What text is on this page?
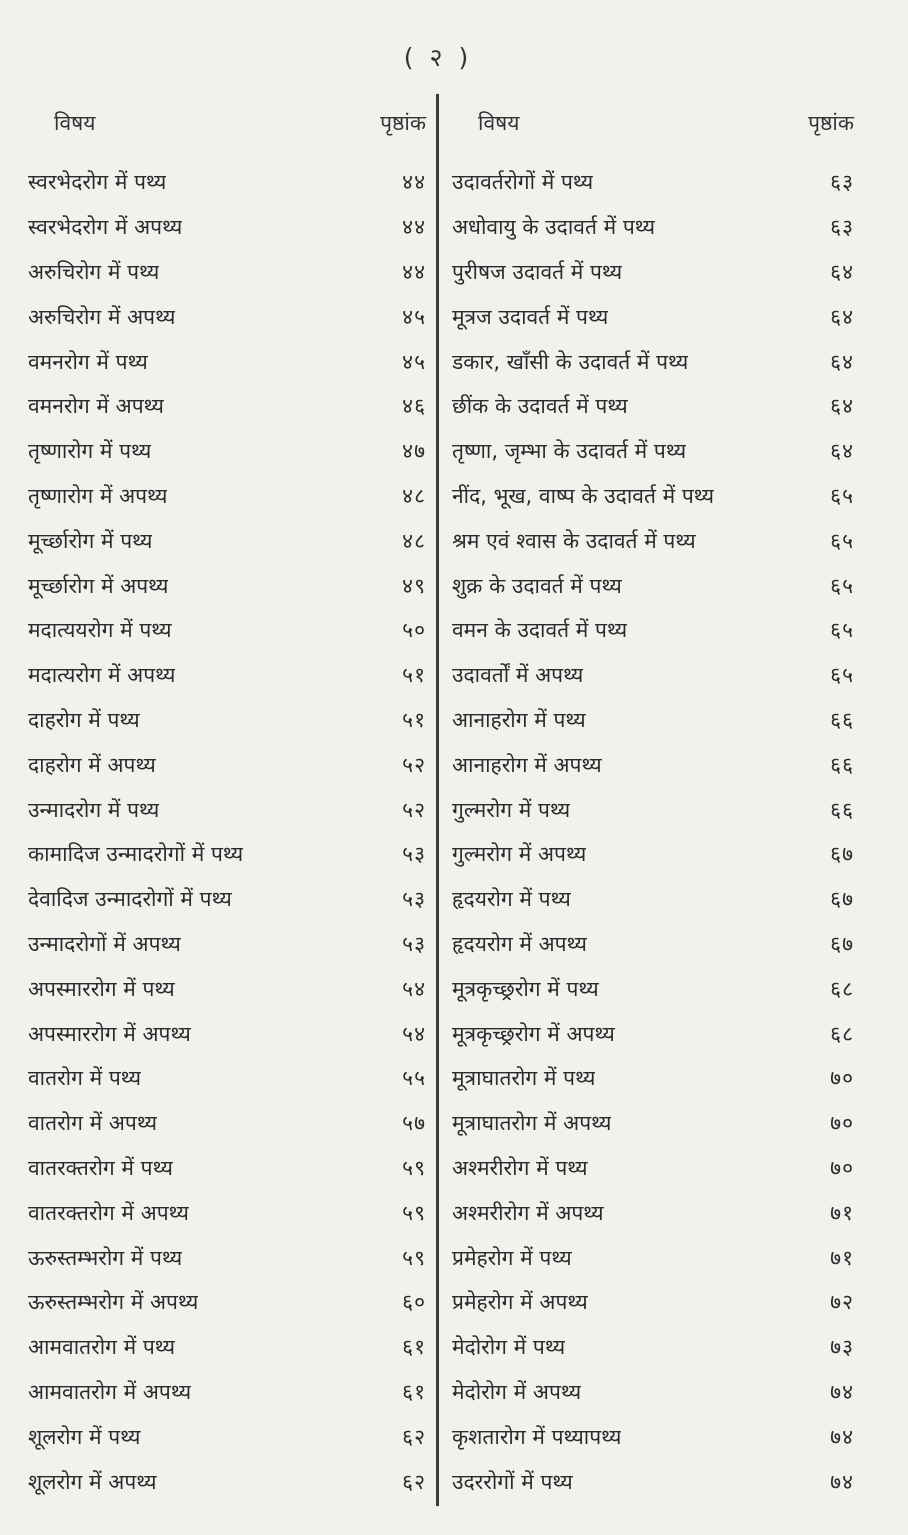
( २ )
विषय	पृष्ठांक
स्वरभेदरोग में पथ्य	४४
स्वरभेदरोग में अपथ्य	४४
अरुचिरोग में पथ्य	४४
अरुचिरोग में अपथ्य	४५
वमनरोग में पथ्य	४५
वमनरोग में अपथ्य	४६
तृष्णारोग में पथ्य	४७
तृष्णारोग में अपथ्य	४८
मूर्च्छारोग में पथ्य	४८
मूर्च्छारोग में अपथ्य	४९
मदात्ययरोग में पथ्य	५०
मदात्यरोग में अपथ्य	५१
दाहरोग में पथ्य	५१
दाहरोग में अपथ्य	५२
उन्मादरोग में पथ्य	५२
कामादिज उन्मादरोगों में पथ्य	५३
देवादिज उन्मादरोगों में पथ्य	५३
उन्मादरोगों में अपथ्य	५३
अपस्माररोग में पथ्य	५४
अपस्माररोग में अपथ्य	५४
वातरोग में पथ्य	५५
वातरोग में अपथ्य	५७
वातरक्तरोग में पथ्य	५९
वातरक्तरोग में अपथ्य	५९
ऊरुस्तम्भरोग में पथ्य	५९
ऊरुस्तम्भरोग में अपथ्य	६०
आमवातरोग में पथ्य	६१
आमवातरोग में अपथ्य	६१
शूलरोग में पथ्य	६२
शूलरोग में अपथ्य	६२
विषय	पृष्ठांक
उदावर्तरोगों में पथ्य	६३
अधोवायु के उदावर्त में पथ्य	६३
पुरीषज उदावर्त में पथ्य	६४
मूत्रज उदावर्त में पथ्य	६४
डकार, खाँसी के उदावर्त में पथ्य	६४
छींक के उदावर्त में पथ्य	६४
तृष्णा, जृम्भा के उदावर्त में पथ्य	६४
नींद, भूख, वाष्प के उदावर्त में पथ्य	६५
श्रम एवं श्वास के उदावर्त में पथ्य	६५
शुक्र के उदावर्त में पथ्य	६५
वमन के उदावर्त में पथ्य	६५
उदावर्तों में अपथ्य	६५
आनाहरोग में पथ्य	६६
आनाहरोग में अपथ्य	६६
गुल्मरोग में पथ्य	६६
गुल्मरोग में अपथ्य	६७
हृदयरोग में पथ्य	६७
हृदयरोग में अपथ्य	६७
मूत्रकृच्छ्ररोग में पथ्य	६८
मूत्रकृच्छ्ररोग में अपथ्य	६८
मूत्राघातरोग में पथ्य	७०
मूत्राघातरोग में अपथ्य	७०
अश्मरीरोग में पथ्य	७०
अश्मरीरोग में अपथ्य	७१
प्रमेहरोग में पथ्य	७१
प्रमेहरोग में अपथ्य	७२
मेदोरोग में पथ्य	७३
मेदोरोग में अपथ्य	७४
कृशतारोग में पथ्यापथ्य	७४
उदररोगों में पथ्य	७४
